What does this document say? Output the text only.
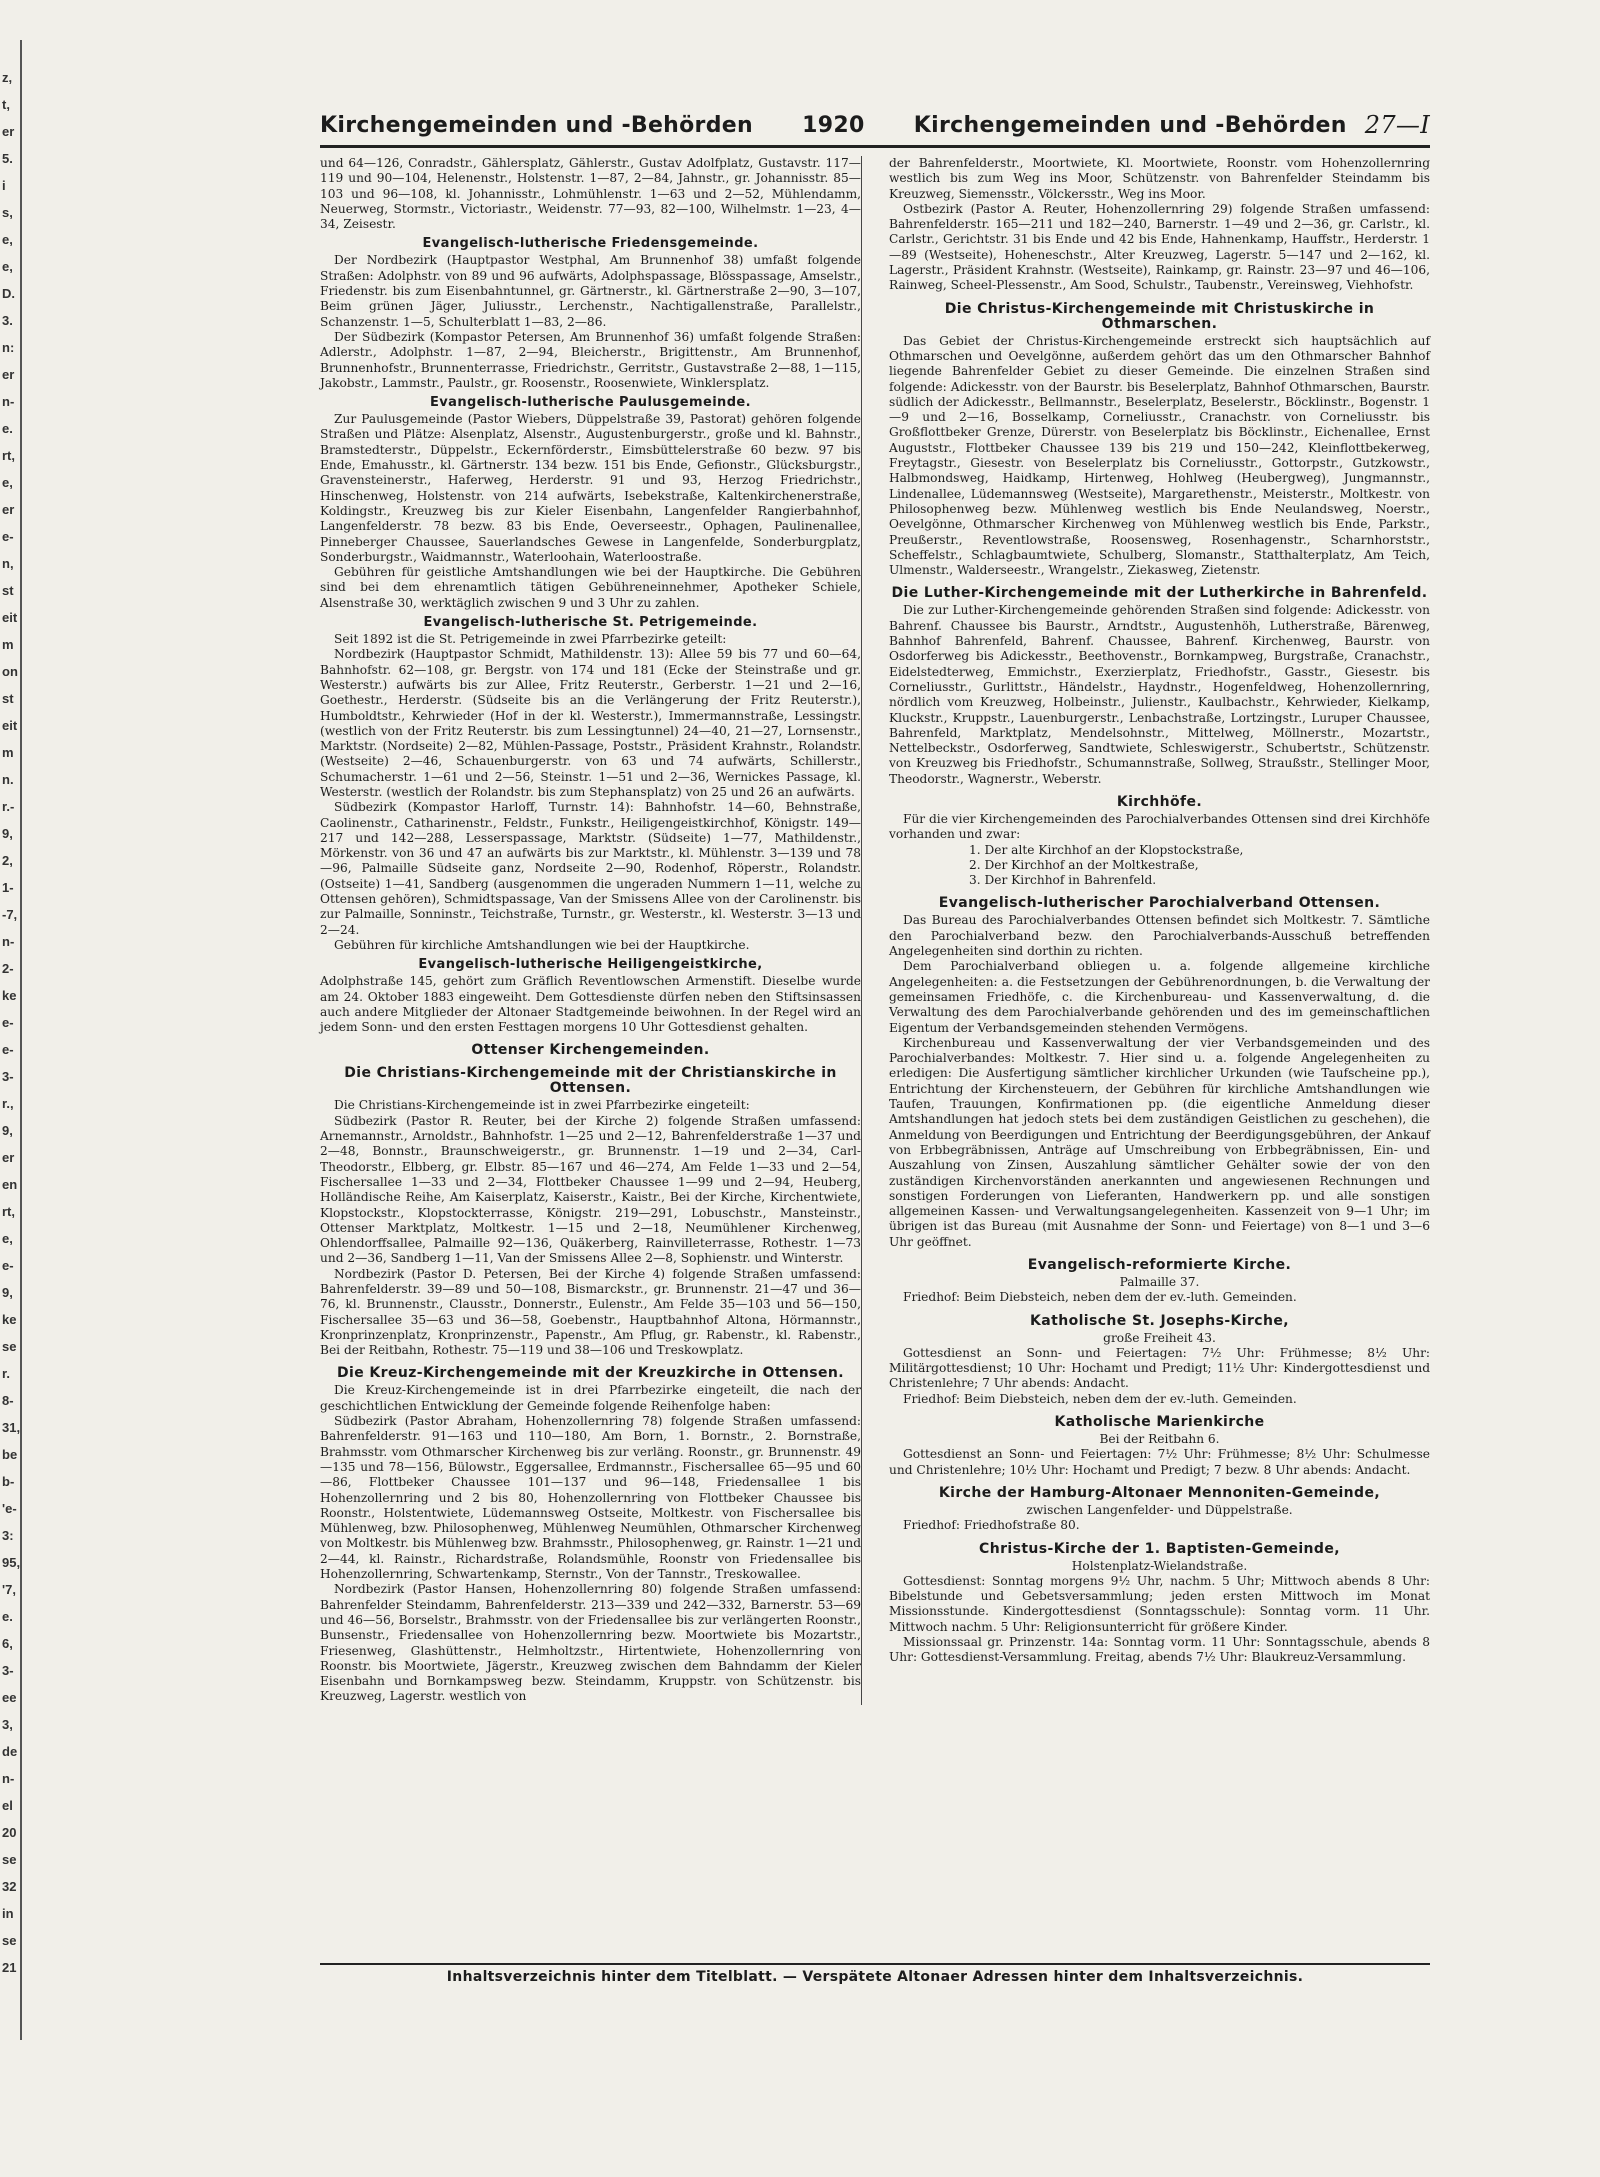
z,
t,
er
5.
i
s,
e,
e,
D.
3.
n:
er
n-
e.
rt,
e,
er
e-
n,
st
eit
m
on
st
eit
m
n.
r.-
9,
2,
1-
-7,
n-
2-
ke
e-
e-
3-
r.,
9,
er
en
rt,
e,
e-
9,
ke
se
r.
8-
31,
be
b-
'e-
3:
95,
'7,
e.
6,
3-
ee
3,
de
n-
el
20
se
32
in
se
21
Kirchengemeinden und -Behörden 1920 Kirchengemeinden und -Behörden 27—I

und 64—126, Conradstr., Gählersplatz, Gählerstr., Gustav Adolfplatz, Gustavstr. 117—119 und 90—104, Helenenstr., Holstenstr. 1—87, 2—84, Jahnstr., gr. Johannisstr. 85—103 und 96—108, kl. Johannisstr., Lohmühlenstr. 1—63 und 2—52, Mühlendamm, Neuerweg, Stormstr., Victoriastr., Weidenstr. 77—93, 82—100, Wilhelmstr. 1—23, 4—34, Zeisestr.

Evangelisch-lutherische Friedensgemeinde.

Der Nordbezirk (Hauptpastor Westphal, Am Brunnenhof 38) umfaßt folgende Straßen: Adolphstr. von 89 und 96 aufwärts, Adolphspassage, Blösspassage, Amselstr., Friedenstr. bis zum Eisenbahntunnel, gr. Gärtnerstr., kl. Gärtnerstraße 2—90, 3—107, Beim grünen Jäger, Juliusstr., Lerchenstr., Nachtigallenstraße, Parallelstr., Schanzenstr. 1—5, Schulterblatt 1—83, 2—86.

Der Südbezirk (Kompastor Petersen, Am Brunnenhof 36) umfaßt folgende Straßen: Adlerstr., Adolphstr. 1—87, 2—94, Bleicherstr., Brigittenstr., Am Brunnenhof, Brunnenhofstr., Brunnenterrasse, Friedrichstr., Gerritstr., Gustavstraße 2—88, 1—115, Jakobstr., Lammstr., Paulstr., gr. Roosenstr., Roosenwiete, Winklersplatz.

Evangelisch-lutherische Paulusgemeinde.

Zur Paulusgemeinde (Pastor Wiebers, Düppelstraße 39, Pastorat) gehören folgende Straßen und Plätze: Alsenplatz, Alsenstr., Augustenburgerstr., große und kl. Bahnstr., Bramstedterstr., Düppelstr., Eckernförderstr., Eimsbüttelerstraße 60 bezw. 97 bis Ende, Emahusstr., kl. Gärtnerstr. 134 bezw. 151 bis Ende, Gefionstr., Glücksburgstr., Gravensteinerstr., Haferweg, Herderstr. 91 und 93, Herzog Friedrichstr., Hinschenweg, Holstenstr. von 214 aufwärts, Isebekstraße, Kaltenkirchenerstraße, Koldingstr., Kreuzweg bis zur Kieler Eisenbahn, Langenfelder Rangierbahnhof, Langenfelderstr. 78 bezw. 83 bis Ende, Oeverseestr., Ophagen, Paulinenallee, Pinneberger Chaussee, Sauerlandsches Gewese in Langenfelde, Sonderburgplatz, Sonderburgstr., Waidmannstr., Waterloohain, Waterloostraße.

Gebühren für geistliche Amtshandlungen wie bei der Hauptkirche. Die Gebühren sind bei dem ehrenamtlich tätigen Gebühreneinnehmer, Apotheker Schiele, Alsenstraße 30, werktäglich zwischen 9 und 3 Uhr zu zahlen.

Evangelisch-lutherische St. Petrigemeinde.

Seit 1892 ist die St. Petrigemeinde in zwei Pfarrbezirke geteilt:

Nordbezirk (Hauptpastor Schmidt, Mathildenstr. 13): Allee 59 bis 77 und 60—64, Bahnhofstr. 62—108, gr. Bergstr. von 174 und 181 (Ecke der Steinstraße und gr. Westerstr.) aufwärts bis zur Allee, Fritz Reuterstr., Gerberstr. 1—21 und 2—16, Goethestr., Herderstr. (Südseite bis an die Verlängerung der Fritz Reuterstr.), Humboldtstr., Kehrwieder (Hof in der kl. Westerstr.), Immermannstraße, Lessingstr. (westlich von der Fritz Reuterstr. bis zum Lessingtunnel) 24—40, 21—27, Lornsenstr., Marktstr. (Nordseite) 2—82, Mühlen-Passage, Poststr., Präsident Krahnstr., Rolandstr. (Westseite) 2—46, Schauenburgerstr. von 63 und 74 aufwärts, Schillerstr., Schumacherstr. 1—61 und 2—56, Steinstr. 1—51 und 2—36, Wernickes Passage, kl. Westerstr. (westlich der Rolandstr. bis zum Stephansplatz) von 25 und 26 an aufwärts.

Südbezirk (Kompastor Harloff, Turnstr. 14): Bahnhofstr. 14—60, Behnstraße, Caolinenstr., Catharinenstr., Feldstr., Funkstr., Heiligengeistkirchhof, Königstr. 149—217 und 142—288, Lesserspassage, Marktstr. (Südseite) 1—77, Mathildenstr., Mörkenstr. von 36 und 47 an aufwärts bis zur Marktstr., kl. Mühlenstr. 3—139 und 78—96, Palmaille Südseite ganz, Nordseite 2—90, Rodenhof, Röperstr., Rolandstr. (Ostseite) 1—41, Sandberg (ausgenommen die ungeraden Nummern 1—11, welche zu Ottensen gehören), Schmidtspassage, Van der Smissens Allee von der Carolinenstr. bis zur Palmaille, Sonninstr., Teichstraße, Turnstr., gr. Westerstr., kl. Westerstr. 3—13 und 2—24.

Gebühren für kirchliche Amtshandlungen wie bei der Hauptkirche.

Evangelisch-lutherische Heiligengeistkirche,

Adolphstraße 145, gehört zum Gräflich Reventlowschen Armenstift. Dieselbe wurde am 24. Oktober 1883 eingeweiht. Dem Gottesdienste dürfen neben den Stiftsinsassen auch andere Mitglieder der Altonaer Stadtgemeinde beiwohnen. In der Regel wird an jedem Sonn- und den ersten Festtagen morgens 10 Uhr Gottesdienst gehalten.

Ottenser Kirchengemeinden.
Die Christians-Kirchengemeinde mit der Christianskirche in Ottensen.

Die Christians-Kirchengemeinde ist in zwei Pfarrbezirke eingeteilt:

Südbezirk (Pastor R. Reuter, bei der Kirche 2) folgende Straßen umfassend: Arnemannstr., Arnoldstr., Bahnhofstr. 1—25 und 2—12, Bahrenfelderstraße 1—37 und 2—48, Bonnstr., Braunschweigerstr., gr. Brunnenstr. 1—19 und 2—34, Carl-Theodorstr., Elbberg, gr. Elbstr. 85—167 und 46—274, Am Felde 1—33 und 2—54, Fischersallee 1—33 und 2—34, Flottbeker Chaussee 1—99 und 2—94, Heuberg, Holländische Reihe, Am Kaiserplatz, Kaiserstr., Kaistr., Bei der Kirche, Kirchentwiete, Klopstockstr., Klopstockterrasse, Königstr. 219—291, Lobuschstr., Mansteinstr., Ottenser Marktplatz, Moltkestr. 1—15 und 2—18, Neumühlener Kirchenweg, Ohlendorffsallee, Palmaille 92—136, Quäkerberg, Rainvilleterrasse, Rothestr. 1—73 und 2—36, Sandberg 1—11, Van der Smissens Allee 2—8, Sophienstr. und Winterstr.

Nordbezirk (Pastor D. Petersen, Bei der Kirche 4) folgende Straßen umfassend: Bahrenfelderstr. 39—89 und 50—108, Bismarckstr., gr. Brunnenstr. 21—47 und 36—76, kl. Brunnenstr., Clausstr., Donnerstr., Eulenstr., Am Felde 35—103 und 56—150, Fischersallee 35—63 und 36—58, Goebenstr., Hauptbahnhof Altona, Hörmannstr., Kronprinzenplatz, Kronprinzenstr., Papenstr., Am Pflug, gr. Rabenstr., kl. Rabenstr., Bei der Reitbahn, Rothestr. 75—119 und 38—106 und Treskowplatz.

Die Kreuz-Kirchengemeinde mit der Kreuzkirche in Ottensen.

Die Kreuz-Kirchengemeinde ist in drei Pfarrbezirke eingeteilt, die nach der geschichtlichen Entwicklung der Gemeinde folgende Reihenfolge haben:

Südbezirk (Pastor Abraham, Hohenzollernring 78) folgende Straßen umfassend: Bahrenfelderstr. 91—163 und 110—180, Am Born, 1. Bornstr., 2. Bornstraße, Brahmsstr. vom Othmarscher Kirchenweg bis zur verläng. Roonstr., gr. Brunnenstr. 49—135 und 78—156, Bülowstr., Eggersallee, Erdmannstr., Fischersallee 65—95 und 60—86, Flottbeker Chaussee 101—137 und 96—148, Friedensallee 1 bis Hohenzollernring und 2 bis 80, Hohenzollernring von Flottbeker Chaussee bis Roonstr., Holstentwiete, Lüdemannsweg Ostseite, Moltkestr. von Fischersallee bis Mühlenweg, bzw. Philosophenweg, Mühlenweg Neumühlen, Othmarscher Kirchenweg von Moltkestr. bis Mühlenweg bzw. Brahmsstr., Philosophenweg, gr. Rainstr. 1—21 und 2—44, kl. Rainstr., Richardstraße, Rolandsmühle, Roonstr von Friedensallee bis Hohenzollernring, Schwartenkamp, Sternstr., Von der Tannstr., Treskowallee.

Nordbezirk (Pastor Hansen, Hohenzollernring 80) folgende Straßen umfassend: Bahrenfelder Steindamm, Bahrenfelderstr. 213—339 und 242—332, Barnerstr. 53—69 und 46—56, Borselstr., Brahmsstr. von der Friedensallee bis zur verlängerten Roonstr., Bunsenstr., Friedensallee von Hohenzollernring bezw. Moortwiete bis Mozartstr., Friesenweg, Glashüttenstr., Helmholtzstr., Hirtentwiete, Hohenzollernring von Roonstr. bis Moortwiete, Jägerstr., Kreuzweg zwischen dem Bahndamm der Kieler Eisenbahn und Bornkampsweg bezw. Steindamm, Kruppstr. von Schützenstr. bis Kreuzweg, Lagerstr. westlich von

der Bahrenfelderstr., Moortwiete, Kl. Moortwiete, Roonstr. vom Hohenzollernring westlich bis zum Weg ins Moor, Schützenstr. von Bahrenfelder Steindamm bis Kreuzweg, Siemensstr., Völckersstr., Weg ins Moor.

Ostbezirk (Pastor A. Reuter, Hohenzollernring 29) folgende Straßen umfassend: Bahrenfelderstr. 165—211 und 182—240, Barnerstr. 1—49 und 2—36, gr. Carlstr., kl. Carlstr., Gerichtstr. 31 bis Ende und 42 bis Ende, Hahnenkamp, Hauffstr., Herderstr. 1—89 (Westseite), Hoheneschstr., Alter Kreuzweg, Lagerstr. 5—147 und 2—162, kl. Lagerstr., Präsident Krahnstr. (Westseite), Rainkamp, gr. Rainstr. 23—97 und 46—106, Rainweg, Scheel-Plessenstr., Am Sood, Schulstr., Taubenstr., Vereinsweg, Viehhofstr.

Die Christus-Kirchengemeinde mit Christuskirche in Othmarschen.

Das Gebiet der Christus-Kirchengemeinde erstreckt sich hauptsächlich auf Othmarschen und Oevelgönne, außerdem gehört das um den Othmarscher Bahnhof liegende Bahrenfelder Gebiet zu dieser Gemeinde. Die einzelnen Straßen sind folgende: Adickesstr. von der Baurstr. bis Beselerplatz, Bahnhof Othmarschen, Baurstr. südlich der Adickesstr., Bellmannstr., Beselerplatz, Beselerstr., Böcklinstr., Bogenstr. 1—9 und 2—16, Bosselkamp, Corneliusstr., Cranachstr. von Corneliusstr. bis Großflottbeker Grenze, Dürerstr. von Beselerplatz bis Böcklinstr., Eichenallee, Ernst Auguststr., Flottbeker Chaussee 139 bis 219 und 150—242, Kleinflottbekerweg, Freytagstr., Giesestr. von Beselerplatz bis Corneliusstr., Gottorpstr., Gutzkowstr., Halbmondsweg, Haidkamp, Hirtenweg, Hohlweg (Heubergweg), Jungmannstr., Lindenallee, Lüdemannsweg (Westseite), Margarethenstr., Meisterstr., Moltkestr. von Philosophenweg bezw. Mühlenweg westlich bis Ende Neulandsweg, Noerstr., Oevelgönne, Othmarscher Kirchenweg von Mühlenweg westlich bis Ende, Parkstr., Preußerstr., Reventlowstraße, Roosensweg, Rosenhagenstr., Scharnhorststr., Scheffelstr., Schlagbaumtwiete, Schulberg, Slomanstr., Statthalterplatz, Am Teich, Ulmenstr., Walderseestr., Wrangelstr., Ziekasweg, Zietenstr.

Die Luther-Kirchengemeinde mit der Lutherkirche in Bahrenfeld.

Die zur Luther-Kirchengemeinde gehörenden Straßen sind folgende: Adickesstr. von Bahrenf. Chaussee bis Baurstr., Arndtstr., Augustenhöh, Lutherstraße, Bärenweg, Bahnhof Bahrenfeld, Bahrenf. Chaussee, Bahrenf. Kirchenweg, Baurstr. von Osdorferweg bis Adickesstr., Beethovenstr., Bornkampweg, Burgstraße, Cranachstr., Eidelstedterweg, Emmichstr., Exerzierplatz, Friedhofstr., Gasstr., Giesestr. bis Corneliusstr., Gurlittstr., Händelstr., Haydnstr., Hogenfeldweg, Hohenzollernring, nördlich vom Kreuzweg, Holbeinstr., Julienstr., Kaulbachstr., Kehrwieder, Kielkamp, Kluckstr., Kruppstr., Lauenburgerstr., Lenbachstraße, Lortzingstr., Luruper Chaussee, Bahrenfeld, Marktplatz, Mendelsohnstr., Mittelweg, Möllnerstr., Mozartstr., Nettelbeckstr., Osdorferweg, Sandtwiete, Schleswigerstr., Schubertstr., Schützenstr. von Kreuzweg bis Friedhofstr., Schumannstraße, Sollweg, Straußstr., Stellinger Moor, Theodorstr., Wagnerstr., Weberstr.

Kirchhöfe.

Für die vier Kirchengemeinden des Parochialverbandes Ottensen sind drei Kirchhöfe vorhanden und zwar:

1. Der alte Kirchhof an der Klopstockstraße,
2. Der Kirchhof an der Moltkestraße,
3. Der Kirchhof in Bahrenfeld.
Evangelisch-lutherischer Parochialverband Ottensen.

Das Bureau des Parochialverbandes Ottensen befindet sich Moltkestr. 7. Sämtliche den Parochialverband bezw. den Parochialverbands-Ausschuß betreffenden Angelegenheiten sind dorthin zu richten.

Dem Parochialverband obliegen u. a. folgende allgemeine kirchliche Angelegenheiten: a. die Festsetzungen der Gebührenordnungen, b. die Verwaltung der gemeinsamen Friedhöfe, c. die Kirchenbureau- und Kassenverwaltung, d. die Verwaltung des dem Parochialverbande gehörenden und des im gemeinschaftlichen Eigentum der Verbandsgemeinden stehenden Vermögens.

Kirchenbureau und Kassenverwaltung der vier Verbandsgemeinden und des Parochialverbandes: Moltkestr. 7. Hier sind u. a. folgende Angelegenheiten zu erledigen: Die Ausfertigung sämtlicher kirchlicher Urkunden (wie Taufscheine pp.), Entrichtung der Kirchensteuern, der Gebühren für kirchliche Amtshandlungen wie Taufen, Trauungen, Konfirmationen pp. (die eigentliche Anmeldung dieser Amtshandlungen hat jedoch stets bei dem zuständigen Geistlichen zu geschehen), die Anmeldung von Beerdigungen und Entrichtung der Beerdigungsgebühren, der Ankauf von Erbbegräbnissen, Anträge auf Umschreibung von Erbbegräbnissen, Ein- und Auszahlung von Zinsen, Auszahlung sämtlicher Gehälter sowie der von den zuständigen Kirchenvorständen anerkannten und angewiesenen Rechnungen und sonstigen Forderungen von Lieferanten, Handwerkern pp. und alle sonstigen allgemeinen Kassen- und Verwaltungsangelegenheiten. Kassenzeit von 9—1 Uhr; im übrigen ist das Bureau (mit Ausnahme der Sonn- und Feiertage) von 8—1 und 3—6 Uhr geöffnet.

Evangelisch-reformierte Kirche.

Palmaille 37.

Friedhof: Beim Diebsteich, neben dem der ev.-luth. Gemeinden.

Katholische St. Josephs-Kirche,

große Freiheit 43.

Gottesdienst an Sonn- und Feiertagen: 7½ Uhr: Frühmesse; 8½ Uhr: Militärgottesdienst; 10 Uhr: Hochamt und Predigt; 11½ Uhr: Kindergottesdienst und Christenlehre; 7 Uhr abends: Andacht.

Friedhof: Beim Diebsteich, neben dem der ev.-luth. Gemeinden.

Katholische Marienkirche

Bei der Reitbahn 6.

Gottesdienst an Sonn- und Feiertagen: 7½ Uhr: Frühmesse; 8½ Uhr: Schulmesse und Christenlehre; 10½ Uhr: Hochamt und Predigt; 7 bezw. 8 Uhr abends: Andacht.

Kirche der Hamburg-Altonaer Mennoniten-Gemeinde,

zwischen Langenfelder- und Düppelstraße.

Friedhof: Friedhofstraße 80.

Christus-Kirche der 1. Baptisten-Gemeinde,

Holstenplatz-Wielandstraße.

Gottesdienst: Sonntag morgens 9½ Uhr, nachm. 5 Uhr; Mittwoch abends 8 Uhr: Bibelstunde und Gebetsversammlung; jeden ersten Mittwoch im Monat Missionsstunde. Kindergottesdienst (Sonntagsschule): Sonntag vorm. 11 Uhr. Mittwoch nachm. 5 Uhr: Religionsunterricht für größere Kinder.

Missionssaal gr. Prinzenstr. 14a: Sonntag vorm. 11 Uhr: Sonntagsschule, abends 8 Uhr: Gottesdienst-Versammlung. Freitag, abends 7½ Uhr: Blaukreuz-Versammlung.

Inhaltsverzeichnis hinter dem Titelblatt. — Verspätete Altonaer Adressen hinter dem Inhaltsverzeichnis.
